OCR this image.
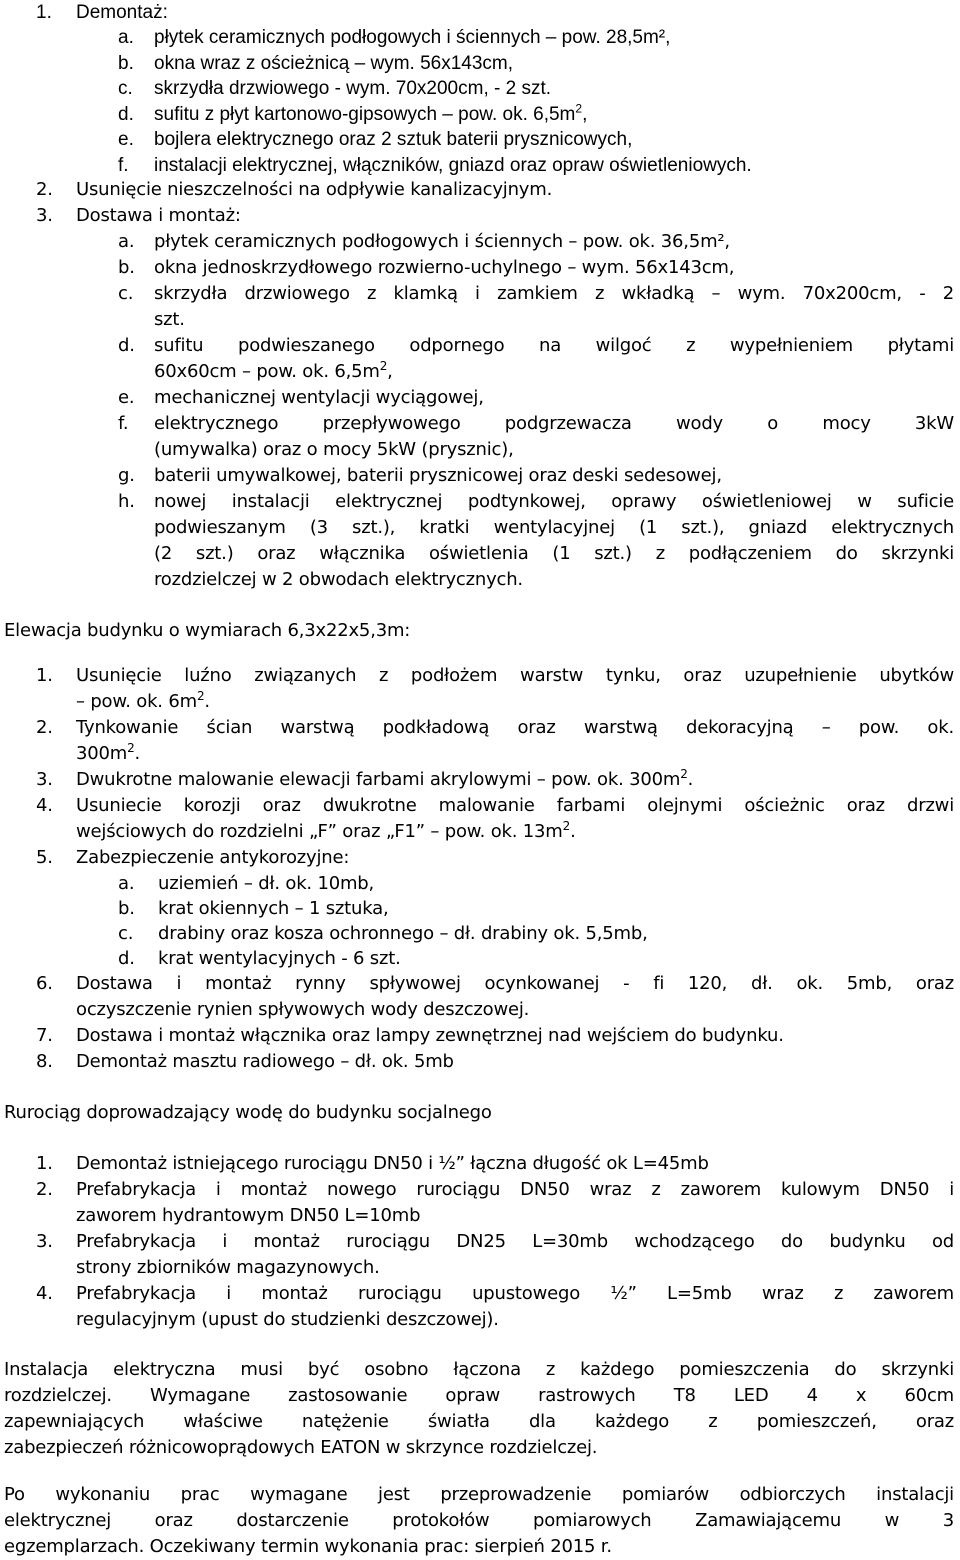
1.	Demontaż:
a.	płytek ceramicznych podłogowych i ściennych – pow. 28,5m²,
b.	okna wraz z ościeżnicą – wym. 56x143cm,
c.	skrzydła drzwiowego - wym. 70x200cm, - 2 szt.
d.	sufitu z płyt kartonowo-gipsowych – pow. ok. $6,5m^2$,
e.	bojlera elektrycznego oraz 2 sztuk baterii prysznicowych,
f.	instalacji elektrycznej, włączników, gniazd oraz opraw oświetleniowych.
2.	Usunięcie nieszczelności na odpływie kanalizacyjnym.
3.	Dostawa i montaż:
a.	płytek ceramicznych podłogowych i ściennych – pow. ok. 36,5m²,
b.	okna jednoskrzydłowego rozwierno-uchylnego – wym. 56x143cm,
c.	skrzydła drzwiowego z klamką i zamkiem z wkładką – wym. 70x200cm, - 2
szt.
d.	sufitu podwieszanego odpornego na wilgoć z wypełnieniem płytami
60x60cm – pow. ok. $6,5m^2$,
e.	mechanicznej wentylacji wyciągowej,
f.	elektrycznego przepływowego podgrzewacza wody o mocy 3kW
(umywalka) oraz o mocy 5kW (prysznic),
g.	baterii umywalkowej, baterii prysznicowej oraz deski sedesowej,
h.	nowej instalacji elektrycznej podtynkowej, oprawy oświetleniowej w suficie
podwieszanym (3 szt.), kratki wentylacyjnej (1 szt.), gniazd elektrycznych
(2 szt.) oraz włącznika oświetlenia (1 szt.) z podłączeniem do skrzynki
rozdzielczej w 2 obwodach elektrycznych.
Elewacja budynku o wymiarach 6,3x22x5,3m:
1.	Usunięcie luźno związanych z podłożem warstw tynku, oraz uzupełnienie ubytków
– pow. ok. $6m^2$.
2.	Tynkowanie ścian warstwą podkładową oraz warstwą dekoracyjną – pow. ok.
$300m^2$.
3.	Dwukrotne malowanie elewacji farbami akrylowymi – pow. ok. $300m^2$.
4.	Usuniecie korozji oraz dwukrotne malowanie farbami olejnymi ościeżnic oraz drzwi
wejściowych do rozdzielni „F” oraz „F1” – pow. ok. $13m^2$.
5.	Zabezpieczenie antykorozyjne:
a.	uziemień – dł. ok. 10mb,
b.	krat okiennych – 1 sztuka,
c.	drabiny oraz kosza ochronnego – dł. drabiny ok. 5,5mb,
d.	krat wentylacyjnych - 6 szt.
6.	Dostawa i montaż rynny spływowej ocynkowanej - fi 120, dł. ok. 5mb, oraz
oczyszczenie rynien spływowych wody deszczowej.
7.	Dostawa i montaż włącznika oraz lampy zewnętrznej nad wejściem do budynku.
8.	Demontaż masztu radiowego – dł. ok. 5mb
Rurociąg doprowadzający wodę do budynku socjalnego
1.	Demontaż istniejącego rurociągu DN50 i ½” łączna długość ok L=45mb
2.	Prefabrykacja i montaż nowego rurociągu DN50 wraz z zaworem kulowym DN50 i
zaworem hydrantowym DN50 L=10mb
3.	Prefabrykacja i montaż rurociągu DN25 L=30mb wchodzącego do budynku od
strony zbiorników magazynowych.
4.	Prefabrykacja i montaż rurociągu upustowego ½” L=5mb wraz z zaworem
regulacyjnym (upust do studzienki deszczowej).
Instalacja elektryczna musi być osobno łączona z każdego pomieszczenia do skrzynki
rozdzielczej. Wymagane zastosowanie opraw rastrowych T8 LED 4 x 60cm
zapewniających właściwe natężenie światła dla każdego z pomieszczeń, oraz
zabezpieczeń różnicowoprądowych EATON w skrzynce rozdzielczej.
Po wykonaniu prac wymagane jest przeprowadzenie pomiarów odbiorczych instalacji
elektrycznej oraz dostarczenie protokołów pomiarowych Zamawiającemu w 3
egzemplarzach. Oczekiwany termin wykonania prac: sierpień 2015 r.
